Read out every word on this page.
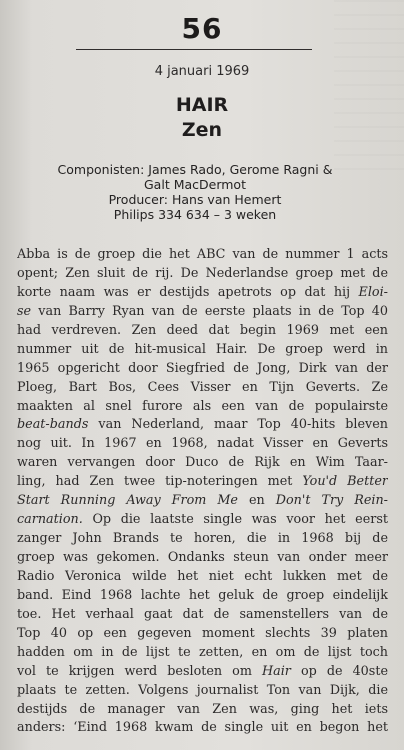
56
4 januari 1969
HAIR
Zen
Componisten: James Rado, Gerome Ragni &
Galt MacDermot
Producer: Hans van Hemert
Philips 334 634 – 3 weken
Abba is de groep die het ABC van de nummer 1 acts
opent; Zen sluit de rij. De Nederlandse groep met de
korte naam was er destijds apetrots op dat hij Eloi-
se van Barry Ryan van de eerste plaats in de Top 40
had verdreven. Zen deed dat begin 1969 met een
nummer uit de hit-musical Hair. De groep werd in
1965 opgericht door Siegfried de Jong, Dirk van der
Ploeg, Bart Bos, Cees Visser en Tijn Geverts. Ze
maakten al snel furore als een van de populairste
beat-bands van Nederland, maar Top 40-hits bleven
nog uit. In 1967 en 1968, nadat Visser en Geverts
waren vervangen door Duco de Rijk en Wim Taar-
ling, had Zen twee tip-noteringen met You'd Better
Start Running Away From Me en Don't Try Rein-
carnation. Op die laatste single was voor het eerst
zanger John Brands te horen, die in 1968 bij de
groep was gekomen. Ondanks steun van onder meer
Radio Veronica wilde het niet echt lukken met de
band. Eind 1968 lachte het geluk de groep eindelijk
toe. Het verhaal gaat dat de samenstellers van de
Top 40 op een gegeven moment slechts 39 platen
hadden om in de lijst te zetten, en om de lijst toch
vol te krijgen werd besloten om Hair op de 40ste
plaats te zetten. Volgens journalist Ton van Dijk, die
destijds de manager van Zen was, ging het iets
anders: ‘Eind 1968 kwam de single uit en begon het
